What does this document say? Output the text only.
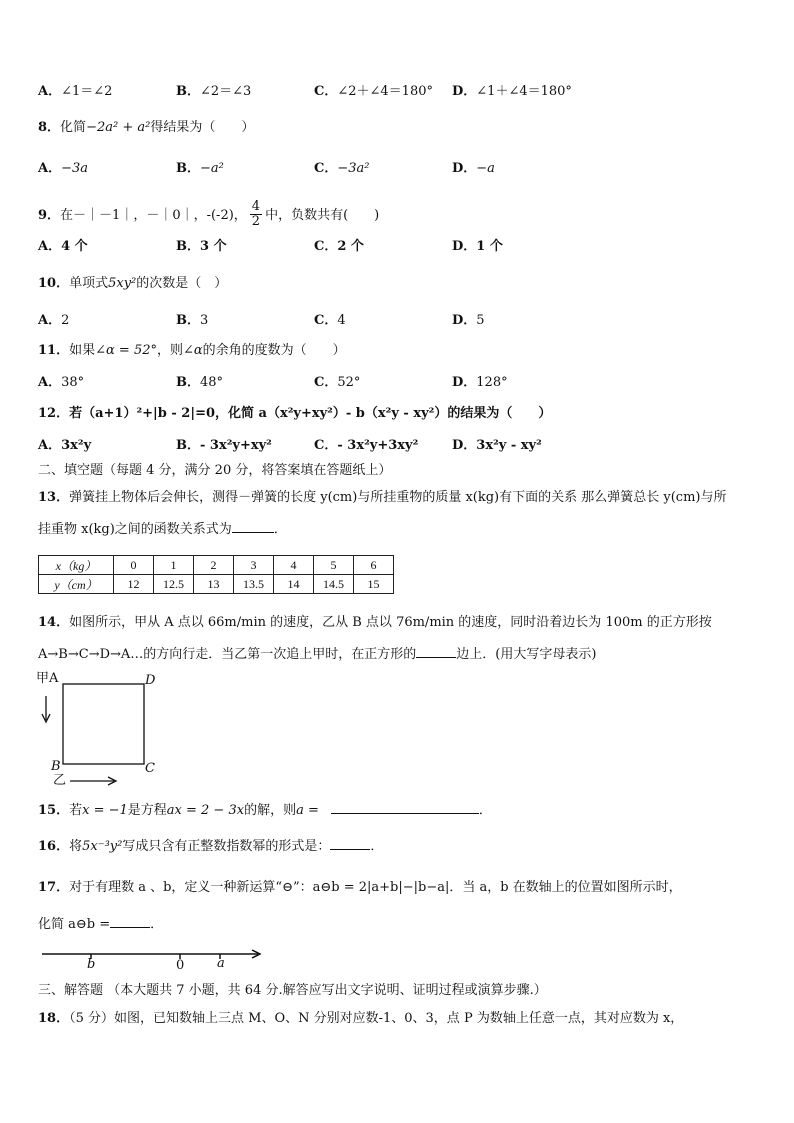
A．∠1＝∠2	B．∠2＝∠3	C．∠2＋∠4＝180° D．∠1＋∠4＝180°
8．化简−2a² + a²得结果为（　　）
A．−3a	B．−a²	C．−3a²	D．−a
9．在－｜－1｜，－｜0｜，-(-2)， $\frac{4}{2}$ 中，负数共有(　　)
A．4 个	B．3 个	C．2 个	D．1 个
10．单项式5xy²的次数是（　）
A．2	B．3	C．4	D．5
11．如果∠α = 52°，则∠α的余角的度数为（　　）
A．38°	B．48°	C．52°	D．128°
12．若（a+1）²+|b - 2|=0，化简 a（x²y+xy²）- b（x²y - xy²）的结果为（　　）
A．3x²y	B．- 3x²y+xy²	C．- 3x²y+3xy²	D．3x²y - xy²
二、填空题（每题 4 分，满分 20 分，将答案填在答题纸上）
13．弹簧挂上物体后会伸长，测得－弹簧的长度 y(cm)与所挂重物的质量 x(kg)有下面的关系 那么弹簧总长 y(cm)与所
挂重物 x(kg)之间的函数关系式为	．
x（kg）	0	1	2	3	4	5	6
y（cm）	12	12.5	13	13.5	14	14.5	15
14．如图所示，甲从 A 点以 66m/min 的速度，乙从 B 点以 76m/min 的速度，同时沿着边长为 100m 的正方形按
A→B→C→D→A…的方向行走．当乙第一次追上甲时，在正方形的	边上．(用大写字母表示)
甲A	D
B	C
乙
15．若x = −1是方程ax = 2 − 3x的解，则a =	．
16．将5x⁻³y²写成只含有正整数指数幂的形式是：	．
17．对于有理数 a 、b，定义一种新运算“⊖”：a⊖b = 2|a+b|−|b−a|．当 a，b 在数轴上的位置如图所示时，
化简 a⊖b =	．
b	0	a
三、解答题 （本大题共 7 小题，共 64 分.解答应写出文字说明、证明过程或演算步骤.）
18．（5 分）如图，已知数轴上三点 M、O、N 分别对应数-1、0、3，点 P 为数轴上任意一点，其对应数为 x，
